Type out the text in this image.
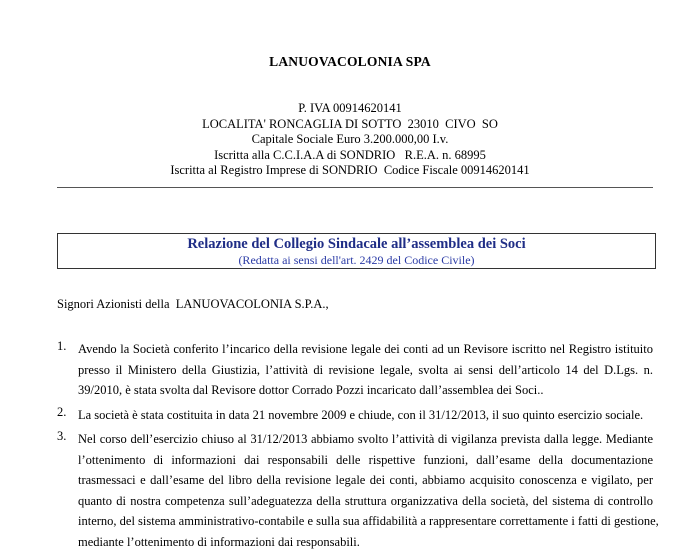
LANUOVACOLONIA SPA
P. IVA 00914620141
LOCALITA' RONCAGLIA DI SOTTO  23010  CIVO  SO
Capitale Sociale Euro 3.200.000,00 I.v.
Iscritta alla C.C.I.A.A di SONDRIO   R.E.A. n. 68995
Iscritta al Registro Imprese di SONDRIO  Codice Fiscale 00914620141
Relazione del Collegio Sindacale all’assemblea dei Soci
(Redatta ai sensi dell'art. 2429 del Codice Civile)
Signori Azionisti della  LANUOVACOLONIA S.P.A.,
1. Avendo la Società conferito l’incarico della revisione legale dei conti ad un Revisore iscritto nel Registro istituito
presso il Ministero della Giustizia, l’attività di revisione legale, svolta ai sensi dell’articolo 14 del D.Lgs. n.
39/2010, è stata svolta dal Revisore dottor Corrado Pozzi incaricato dall’assemblea dei Soci..
2. La società è stata costituita in data 21 novembre 2009 e chiude, con il 31/12/2013, il suo quinto esercizio sociale.
3. Nel corso dell’esercizio chiuso al 31/12/2013 abbiamo svolto l’attività di vigilanza prevista dalla legge. Mediante
l’ottenimento di informazioni dai responsabili delle rispettive funzioni, dall’esame della documentazione
trasmessaci e dall’esame del libro della revisione legale dei conti, abbiamo acquisito conoscenza e vigilato, per
quanto di nostra competenza sull’adeguatezza della struttura organizzativa della società, del sistema di controllo
interno, del sistema amministrativo-contabile e sulla sua affidabilità a rappresentare correttamente i fatti di gestione,
mediante l’ottenimento di informazioni dai responsabili.
